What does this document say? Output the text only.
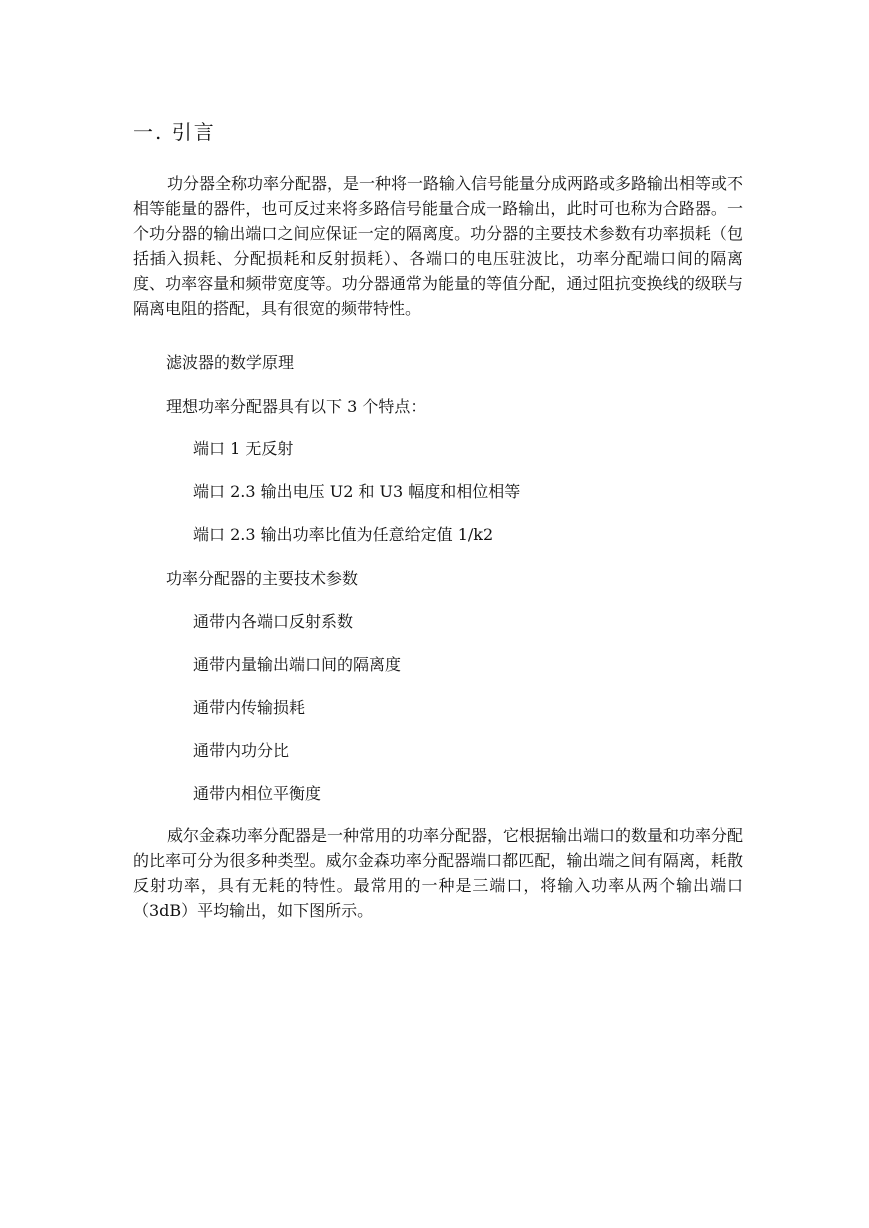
一. 引言

功分器全称功率分配器，是一种将一路输入信号能量分成两路或多路输出相等或不相等能量的器件，也可反过来将多路信号能量合成一路输出，此时可也称为合路器。一个功分器的输出端口之间应保证一定的隔离度。功分器的主要技术参数有功率损耗（包括插入损耗、分配损耗和反射损耗）、各端口的电压驻波比，功率分配端口间的隔离度、功率容量和频带宽度等。功分器通常为能量的等值分配，通过阻抗变换线的级联与隔离电阻的搭配，具有很宽的频带特性。

滤波器的数学原理
理想功率分配器具有以下 3 个特点：
端口 1 无反射
端口 2.3 输出电压 U2 和 U3 幅度和相位相等
端口 2.3 输出功率比值为任意给定值 1/k2
功率分配器的主要技术参数
通带内各端口反射系数
通带内量输出端口间的隔离度
通带内传输损耗
通带内功分比
通带内相位平衡度

威尔金森功率分配器是一种常用的功率分配器，它根据输出端口的数量和功率分配的比率可分为很多种类型。威尔金森功率分配器端口都匹配，输出端之间有隔离，耗散反射功率，具有无耗的特性。最常用的一种是三端口，将输入功率从两个输出端口（3dB）平均输出，如下图所示。
